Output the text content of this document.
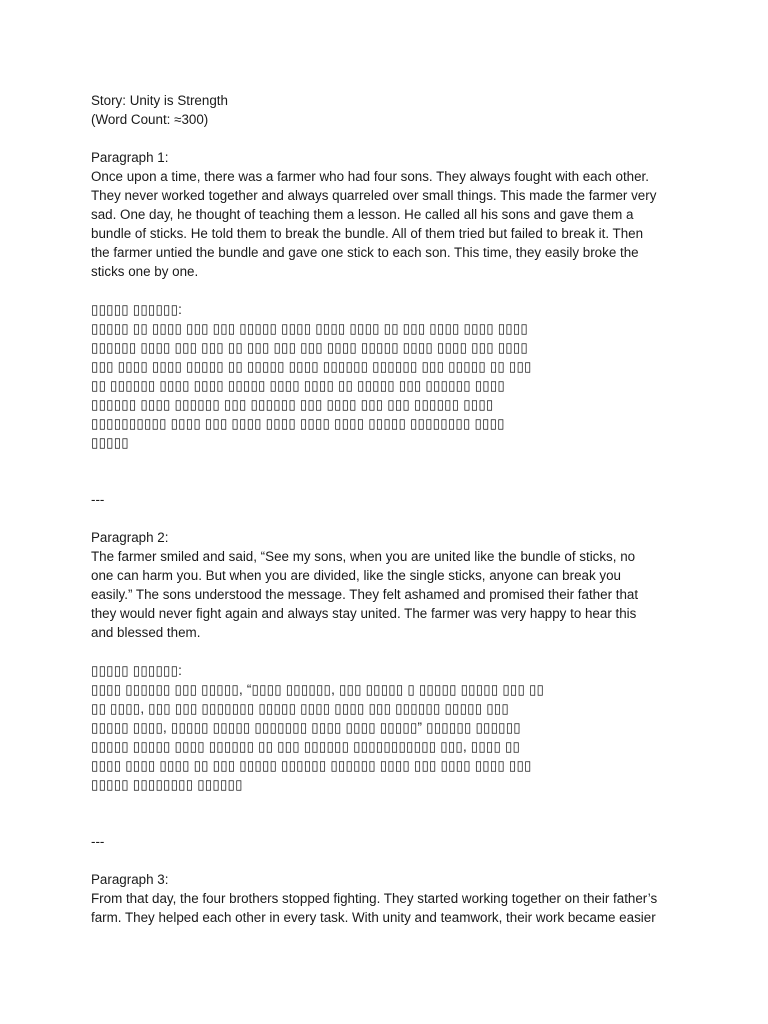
Story: Unity is Strength
(Word Count: ≈300)
Paragraph 1:
Once upon a time, there was a farmer who had four sons. They always fought with each other.
They never worked together and always quarreled over small things. This made the farmer very
sad. One day, he thought of teaching them a lesson. He called all his sons and gave them a
bundle of sticks. He told them to break the bundle. All of them tried but failed to break it. Then
the farmer untied the bundle and gave one stick to each son. This time, they easily broke the
sticks one by one.
▯▯▯▯▯ ▯▯▯▯▯▯:
▯▯▯▯▯ ▯▯ ▯▯▯▯ ▯▯▯ ▯▯▯ ▯▯▯▯▯ ▯▯▯▯ ▯▯▯▯ ▯▯▯▯ ▯▯ ▯▯▯ ▯▯▯▯ ▯▯▯▯ ▯▯▯▯
▯▯▯▯▯▯ ▯▯▯▯ ▯▯▯ ▯▯▯ ▯▯ ▯▯▯ ▯▯▯ ▯▯▯ ▯▯▯▯ ▯▯▯▯▯ ▯▯▯▯ ▯▯▯▯ ▯▯▯ ▯▯▯▯
▯▯▯ ▯▯▯▯ ▯▯▯▯ ▯▯▯▯▯ ▯▯ ▯▯▯▯▯ ▯▯▯▯ ▯▯▯▯▯▯ ▯▯▯▯▯▯ ▯▯▯ ▯▯▯▯▯ ▯▯ ▯▯▯
▯▯ ▯▯▯▯▯▯ ▯▯▯▯ ▯▯▯▯ ▯▯▯▯▯ ▯▯▯▯ ▯▯▯▯ ▯▯ ▯▯▯▯▯ ▯▯▯ ▯▯▯▯▯▯ ▯▯▯▯
▯▯▯▯▯▯ ▯▯▯▯ ▯▯▯▯▯▯ ▯▯▯ ▯▯▯▯▯▯ ▯▯▯ ▯▯▯▯ ▯▯▯ ▯▯▯ ▯▯▯▯▯▯ ▯▯▯▯
▯▯▯▯▯▯▯▯▯▯ ▯▯▯▯ ▯▯▯ ▯▯▯▯ ▯▯▯▯ ▯▯▯▯ ▯▯▯▯ ▯▯▯▯▯ ▯▯▯▯▯▯▯▯ ▯▯▯▯
▯▯▯▯▯
---
Paragraph 2:
The farmer smiled and said, “See my sons, when you are united like the bundle of sticks, no
one can harm you. But when you are divided, like the single sticks, anyone can break you
easily.” The sons understood the message. They felt ashamed and promised their father that
they would never fight again and always stay united. The farmer was very happy to hear this
and blessed them.
▯▯▯▯▯ ▯▯▯▯▯▯:
▯▯▯▯ ▯▯▯▯▯▯ ▯▯▯ ▯▯▯▯▯, “▯▯▯▯ ▯▯▯▯▯▯, ▯▯▯ ▯▯▯▯▯ ▯ ▯▯▯▯▯ ▯▯▯▯▯ ▯▯▯ ▯▯
▯▯ ▯▯▯▯, ▯▯▯ ▯▯▯ ▯▯▯▯▯▯▯ ▯▯▯▯▯ ▯▯▯▯ ▯▯▯▯ ▯▯▯ ▯▯▯▯▯▯ ▯▯▯▯▯ ▯▯▯
▯▯▯▯▯ ▯▯▯▯, ▯▯▯▯▯ ▯▯▯▯▯ ▯▯▯▯▯▯▯ ▯▯▯▯ ▯▯▯▯ ▯▯▯▯▯” ▯▯▯▯▯▯ ▯▯▯▯▯▯
▯▯▯▯▯ ▯▯▯▯▯ ▯▯▯▯ ▯▯▯▯▯▯ ▯▯ ▯▯▯ ▯▯▯▯▯▯ ▯▯▯▯▯▯▯▯▯▯▯ ▯▯▯, ▯▯▯▯ ▯▯
▯▯▯▯ ▯▯▯▯ ▯▯▯▯ ▯▯ ▯▯▯ ▯▯▯▯▯ ▯▯▯▯▯▯ ▯▯▯▯▯▯ ▯▯▯▯ ▯▯▯ ▯▯▯▯ ▯▯▯▯ ▯▯▯
▯▯▯▯▯ ▯▯▯▯▯▯▯▯ ▯▯▯▯▯▯
---
Paragraph 3:
From that day, the four brothers stopped fighting. They started working together on their father’s
farm. They helped each other in every task. With unity and teamwork, their work became easier
